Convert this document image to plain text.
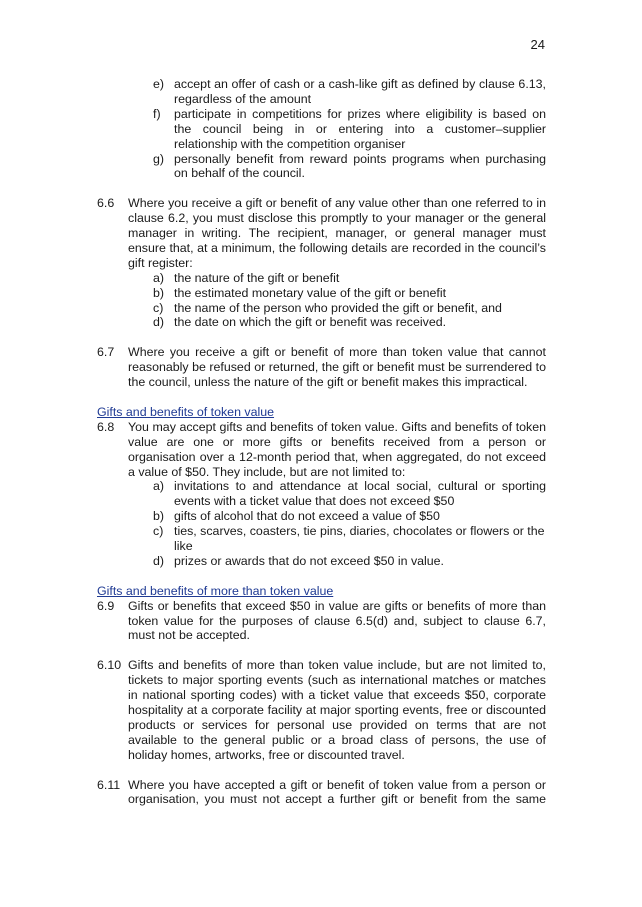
24
e) accept an offer of cash or a cash-like gift as defined by clause 6.13, regardless of the amount
f)	participate in competitions for prizes where eligibility is based on the council being in or entering into a customer–supplier relationship with the competition organiser
g) personally benefit from reward points programs when purchasing on behalf of the council.
6.6	Where you receive a gift or benefit of any value other than one referred to in clause 6.2, you must disclose this promptly to your manager or the general manager in writing. The recipient, manager, or general manager must ensure that, at a minimum, the following details are recorded in the council’s gift register:
a) the nature of the gift or benefit
b) the estimated monetary value of the gift or benefit
c) the name of the person who provided the gift or benefit, and
d) the date on which the gift or benefit was received.
6.7	Where you receive a gift or benefit of more than token value that cannot reasonably be refused or returned, the gift or benefit must be surrendered to the council, unless the nature of the gift or benefit makes this impractical.
Gifts and benefits of token value
6.8	You may accept gifts and benefits of token value. Gifts and benefits of token value are one or more gifts or benefits received from a person or organisation over a 12-month period that, when aggregated, do not exceed a value of $50. They include, but are not limited to:
a) invitations to and attendance at local social, cultural or sporting events with a ticket value that does not exceed $50
b) gifts of alcohol that do not exceed a value of $50
c) ties, scarves, coasters, tie pins, diaries, chocolates or flowers or the like
d) prizes or awards that do not exceed $50 in value.
Gifts and benefits of more than token value
6.9	Gifts or benefits that exceed $50 in value are gifts or benefits of more than token value for the purposes of clause 6.5(d) and, subject to clause 6.7, must not be accepted.
6.10 Gifts and benefits of more than token value include, but are not limited to, tickets to major sporting events (such as international matches or matches in national sporting codes) with a ticket value that exceeds $50, corporate hospitality at a corporate facility at major sporting events, free or discounted products or services for personal use provided on terms that are not available to the general public or a broad class of persons, the use of holiday homes, artworks, free or discounted travel.
6.11 Where you have accepted a gift or benefit of token value from a person or organisation, you must not accept a further gift or benefit from the same
